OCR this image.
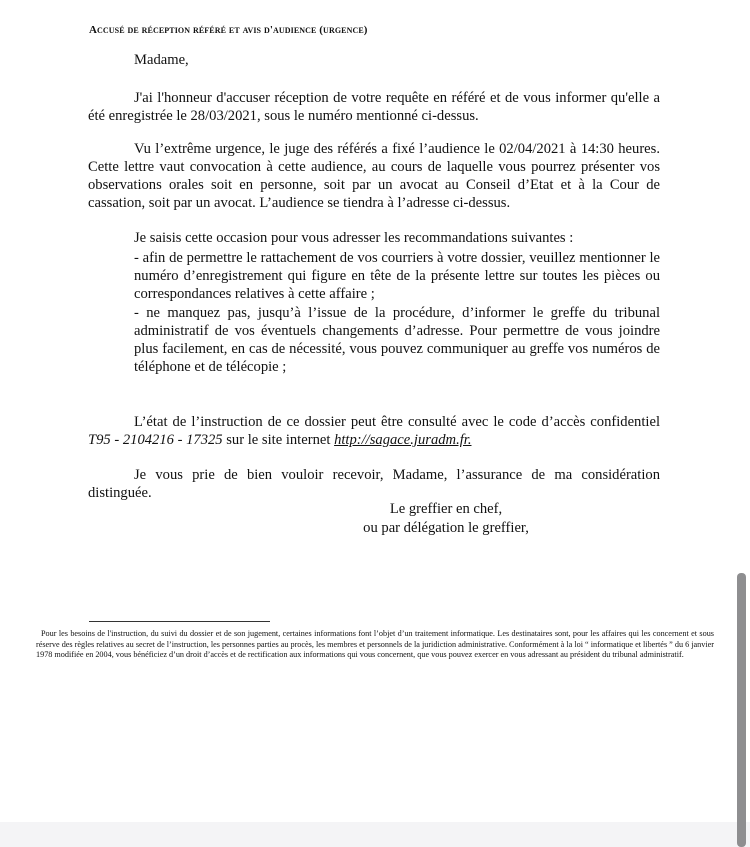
Accusé de réception référé et avis d'audience (urgence)
Madame,
J'ai l'honneur d'accuser réception de votre requête en référé et de vous informer qu'elle a été enregistrée le 28/03/2021, sous le numéro mentionné ci-dessus.
Vu l’extrême urgence, le juge des référés a fixé l’audience le 02/04/2021 à 14:30 heures. Cette lettre vaut convocation à cette audience, au cours de laquelle vous pourrez présenter vos observations orales soit en personne, soit par un avocat au Conseil d’Etat et à la Cour de cassation, soit par un avocat. L’audience se tiendra à l’adresse ci-dessus.
Je saisis cette occasion pour vous adresser les recommandations suivantes :
- afin de permettre le rattachement de vos courriers à votre dossier, veuillez mentionner le numéro d’enregistrement qui figure en tête de la présente lettre sur toutes les pièces ou correspondances relatives à cette affaire ;
- ne manquez pas, jusqu’à l’issue de la procédure, d’informer le greffe du tribunal administratif de vos éventuels changements d’adresse. Pour permettre de vous joindre plus facilement, en cas de nécessité, vous pouvez communiquer au greffe vos numéros de téléphone et de télécopie ;
L’état de l’instruction de ce dossier peut être consulté avec le code d’accès confidentiel T95 - 2104216 - 17325 sur le site internet http://sagace.juradm.fr.
Je vous prie de bien vouloir recevoir, Madame, l’assurance de ma considération distinguée.
Le greffier en chef,
ou par délégation le greffier,
Pour les besoins de l'instruction, du suivi du dossier et de son jugement, certaines informations font l’objet d’un traitement informatique. Les destinataires sont, pour les affaires qui les concernent et sous réserve des règles relatives au secret de l’instruction, les personnes parties au procès, les membres et personnels de la juridiction administrative. Conformément à la loi “ informatique et libertés ” du 6 janvier 1978 modifiée en 2004, vous bénéficiez d’un droit d’accès et de rectification aux informations qui vous concernent, que vous pouvez exercer en vous adressant au président du tribunal administratif.
